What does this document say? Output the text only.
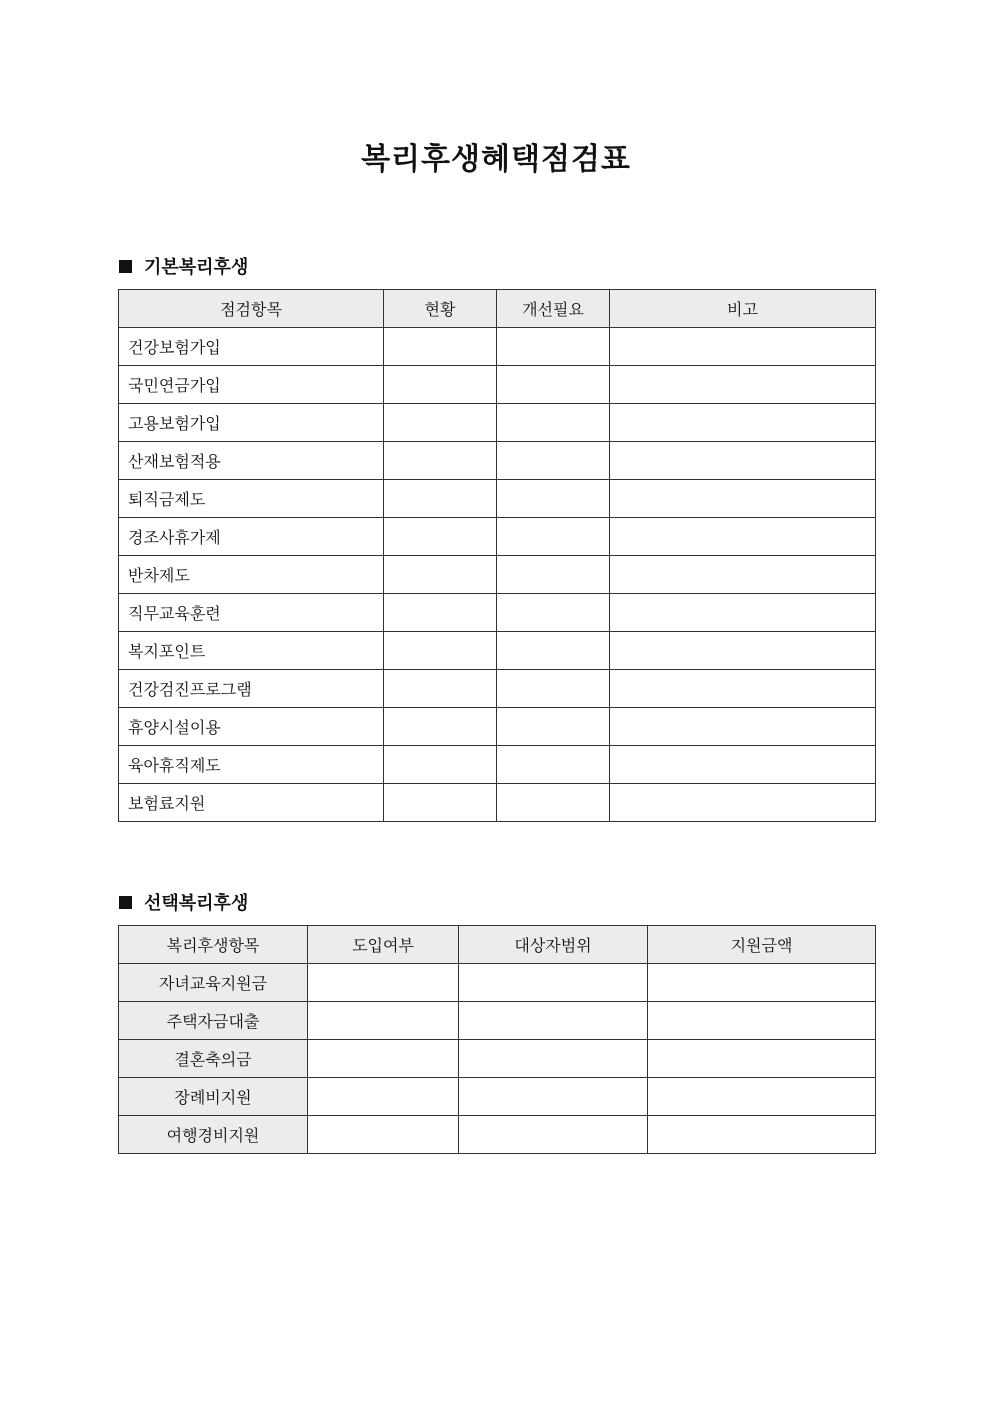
복리후생혜택점검표
기본복리후생
점검항목	현황	개선필요	비고
건강보험가입			
국민연금가입			
고용보험가입			
산재보험적용			
퇴직금제도			
경조사휴가제			
반차제도			
직무교육훈련			
복지포인트			
건강검진프로그램			
휴양시설이용			
육아휴직제도			
보험료지원			
선택복리후생
복리후생항목	도입여부	대상자범위	지원금액
자녀교육지원금			
주택자금대출			
결혼축의금			
장례비지원			
여행경비지원			
